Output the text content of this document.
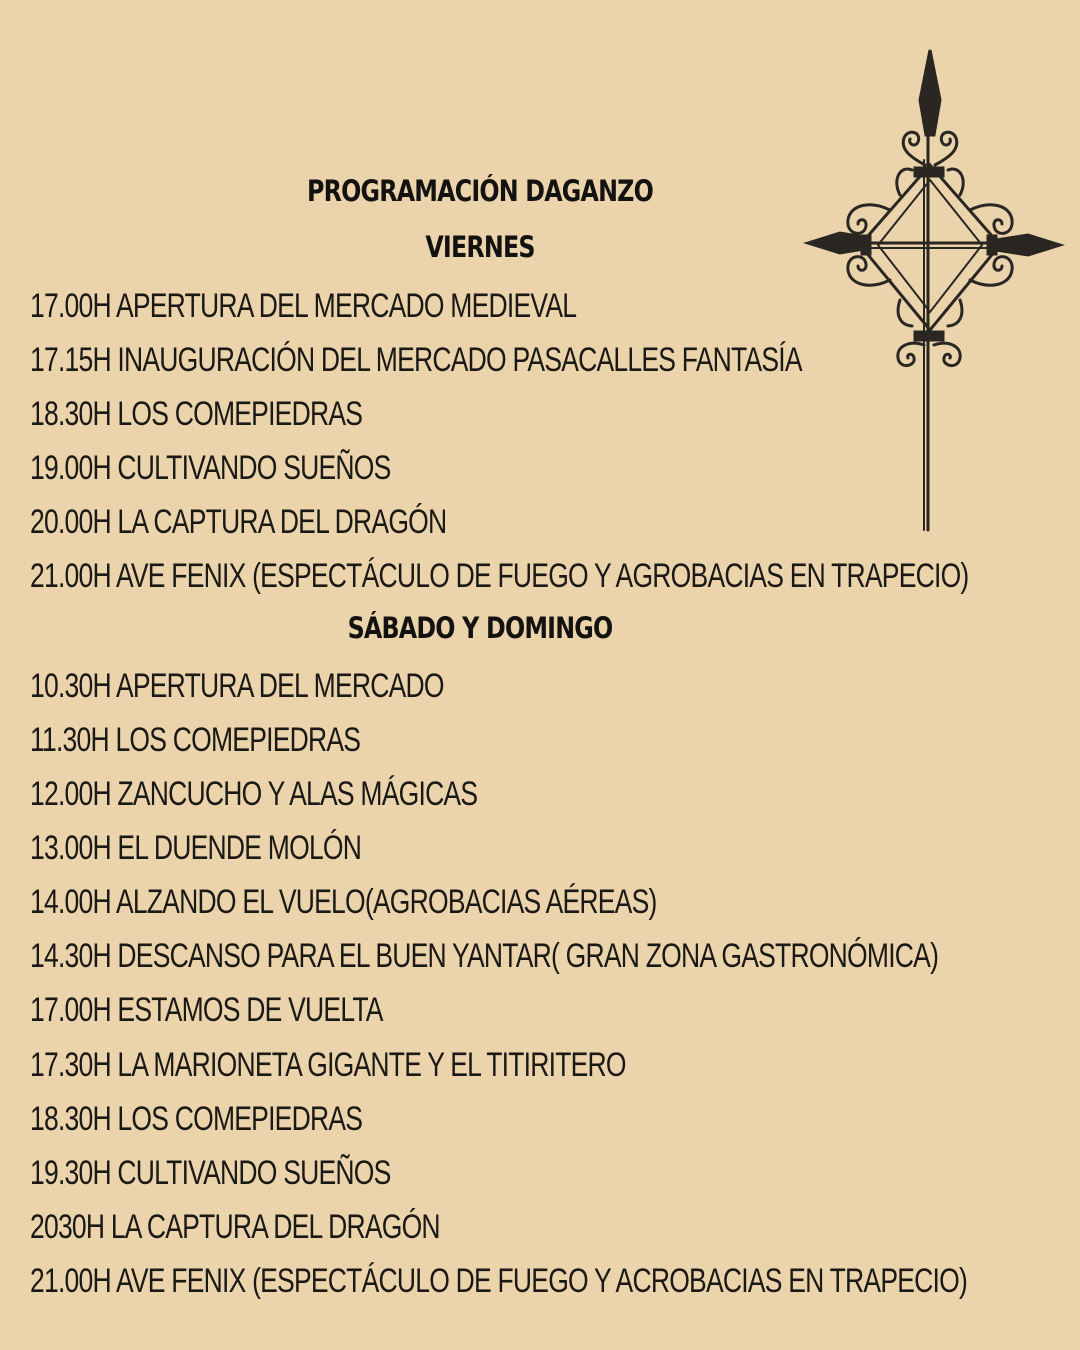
PROGRAMACIÓN DAGANZO
VIERNES
17.00H APERTURA DEL MERCADO MEDIEVAL
17.15H INAUGURACIÓN DEL MERCADO PASACALLES FANTASÍA
18.30H LOS COMEPIEDRAS
19.00H CULTIVANDO SUEÑOS
20.00H LA CAPTURA DEL DRAGÓN
21.00H AVE FENIX (ESPECTÁCULO DE FUEGO Y AGROBACIAS EN TRAPECIO)
SÁBADO Y DOMINGO
10.30H APERTURA DEL MERCADO
11.30H LOS COMEPIEDRAS
12.00H ZANCUCHO Y ALAS MÁGICAS
13.00H EL DUENDE MOLÓN
14.00H ALZANDO EL VUELO(AGROBACIAS AÉREAS)
14.30H DESCANSO PARA EL BUEN YANTAR( GRAN ZONA GASTRONÓMICA)
17.00H ESTAMOS DE VUELTA
17.30H LA MARIONETA GIGANTE Y EL TITIRITERO
18.30H LOS COMEPIEDRAS
19.30H CULTIVANDO SUEÑOS
2030H LA CAPTURA DEL DRAGÓN
21.00H AVE FENIX (ESPECTÁCULO DE FUEGO Y ACROBACIAS EN TRAPECIO)
